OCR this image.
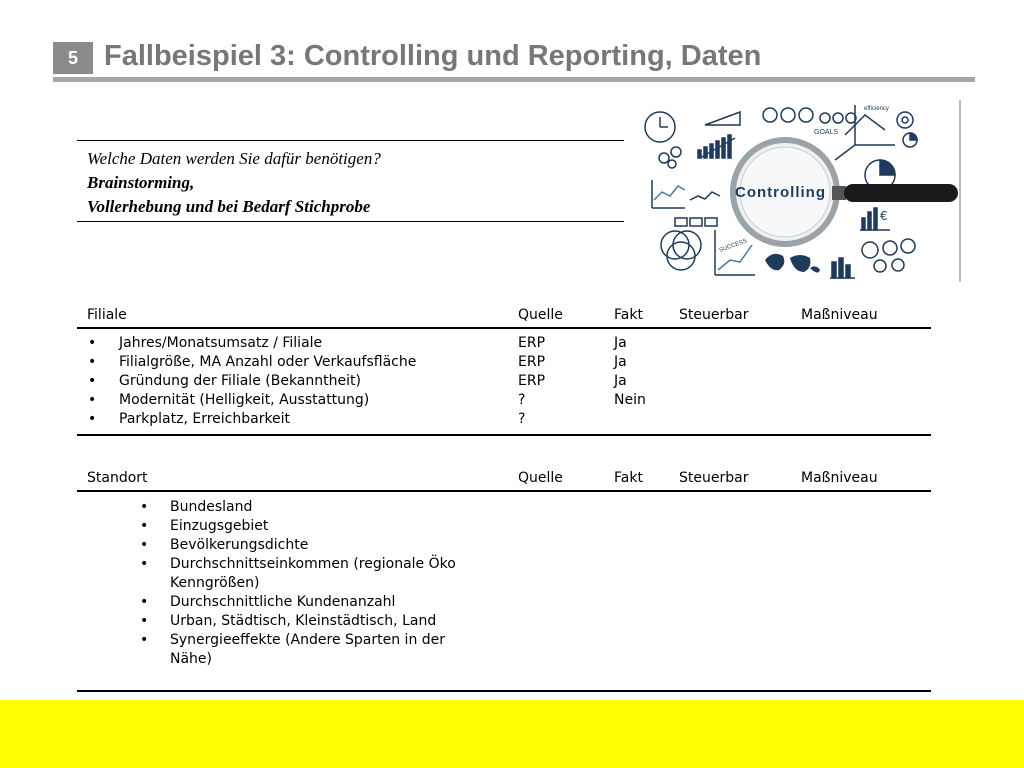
5 Fallbeispiel 3: Controlling und Reporting, Daten
Welche Daten werden Sie dafür benötigen?
Brainstorming,
Vollerhebung und bei Bedarf Stichprobe	€
Controlling
GOALS
efficiency
SUCCESS
Filiale	Quelle	Fakt	Steuerbar	Maßniveau
• Jahres/Monatsumsatz / Filiale	ERP	Ja
• Filialgröße, MA Anzahl oder Verkaufsfläche	ERP	Ja
• Gründung der Filiale (Bekanntheit)	ERP	Ja
• Modernität (Helligkeit, Ausstattung)	?	Nein
• Parkplatz, Erreichbarkeit	?
Standort	Quelle	Fakt	Steuerbar	Maßniveau
• Bundesland
• Einzugsgebiet
• Bevölkerungsdichte
• Durchschnittseinkommen (regionale Öko Kenngrößen)
• Durchschnittliche Kundenanzahl
• Urban, Städtisch, Kleinstädtisch, Land
• Synergieeffekte (Andere Sparten in der Nähe)
